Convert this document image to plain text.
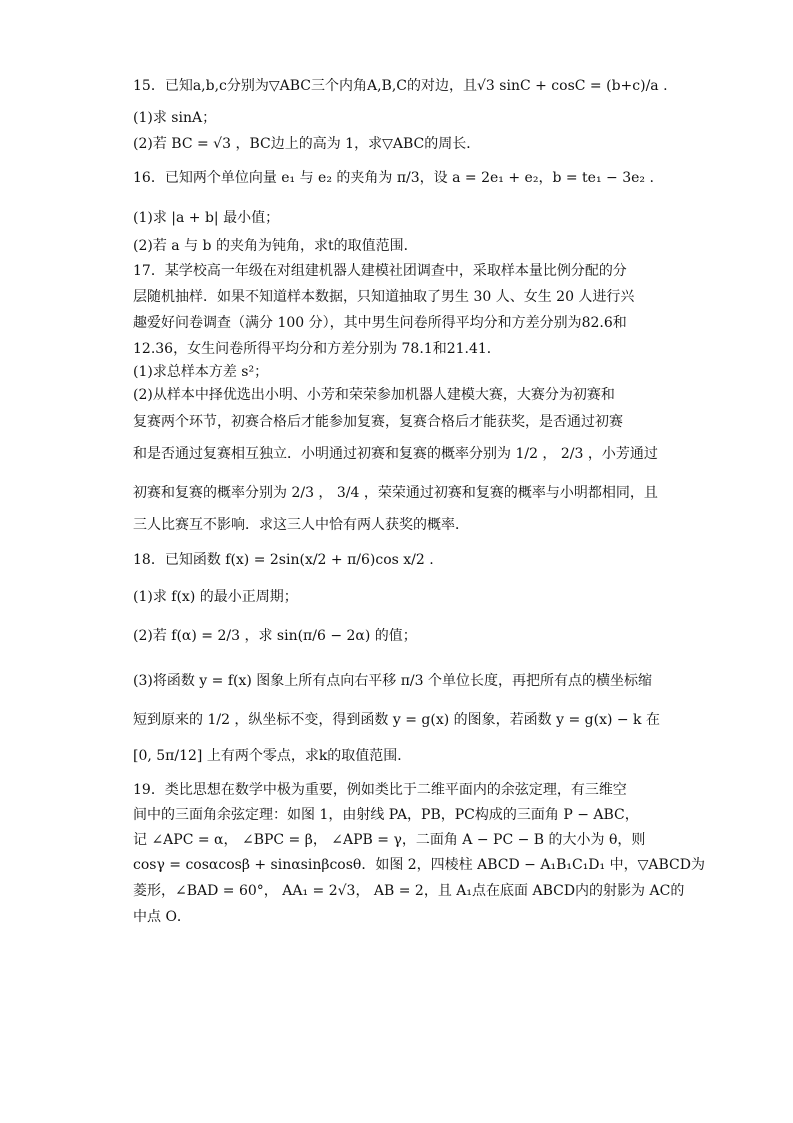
15．已知a,b,c分别为▽ABC三个内角A,B,C的对边，且√3 sinC + cosC = (b+c)/a .
(1)求 sinA；
(2)若 BC = √3 ，BC边上的高为 1，求▽ABC的周长．
16．已知两个单位向量 e₁ 与 e₂ 的夹角为 π/3，设 a = 2e₁ + e₂，b = te₁ − 3e₂ .
(1)求 |a + b| 最小值；
(2)若 a 与 b 的夹角为钝角，求t的取值范围．
17．某学校高一年级在对组建机器人建模社团调查中，采取样本量比例分配的分
层随机抽样．如果不知道样本数据，只知道抽取了男生 30 人、女生 20 人进行兴
趣爱好问卷调查（满分 100 分），其中男生问卷所得平均分和方差分别为82.6和
12.36，女生问卷所得平均分和方差分别为 78.1和21.41．
(1)求总样本方差 s²；
(2)从样本中择优选出小明、小芳和荣荣参加机器人建模大赛，大赛分为初赛和
复赛两个环节，初赛合格后才能参加复赛，复赛合格后才能获奖，是否通过初赛
和是否通过复赛相互独立．小明通过初赛和复赛的概率分别为 1/2 ， 2/3 ，小芳通过
初赛和复赛的概率分别为 2/3 ， 3/4 ，荣荣通过初赛和复赛的概率与小明都相同，且
三人比赛互不影响．求这三人中恰有两人获奖的概率．
18．已知函数 f(x) = 2sin(x/2 + π/6)cos x/2 .
(1)求 f(x) 的最小正周期；
(2)若 f(α) = 2/3 ，求 sin(π/6 − 2α) 的值；
(3)将函数 y = f(x) 图象上所有点向右平移 π/3 个单位长度，再把所有点的横坐标缩
短到原来的 1/2 ，纵坐标不变，得到函数 y = g(x) 的图象，若函数 y = g(x) − k 在
[0, 5π/12] 上有两个零点，求k的取值范围．
19．类比思想在数学中极为重要，例如类比于二维平面内的余弦定理，有三维空
间中的三面角余弦定理：如图 1，由射线 PA，PB，PC构成的三面角 P − ABC，
记 ∠APC = α， ∠BPC = β， ∠APB = γ，二面角 A − PC − B 的大小为 θ，则
cosγ = cosαcosβ + sinαsinβcosθ．如图 2，四棱柱 ABCD − A₁B₁C₁D₁ 中，▽ABCD为
菱形，∠BAD = 60°， AA₁ = 2√3， AB = 2，且 A₁点在底面 ABCD内的射影为 AC的
中点 O．
